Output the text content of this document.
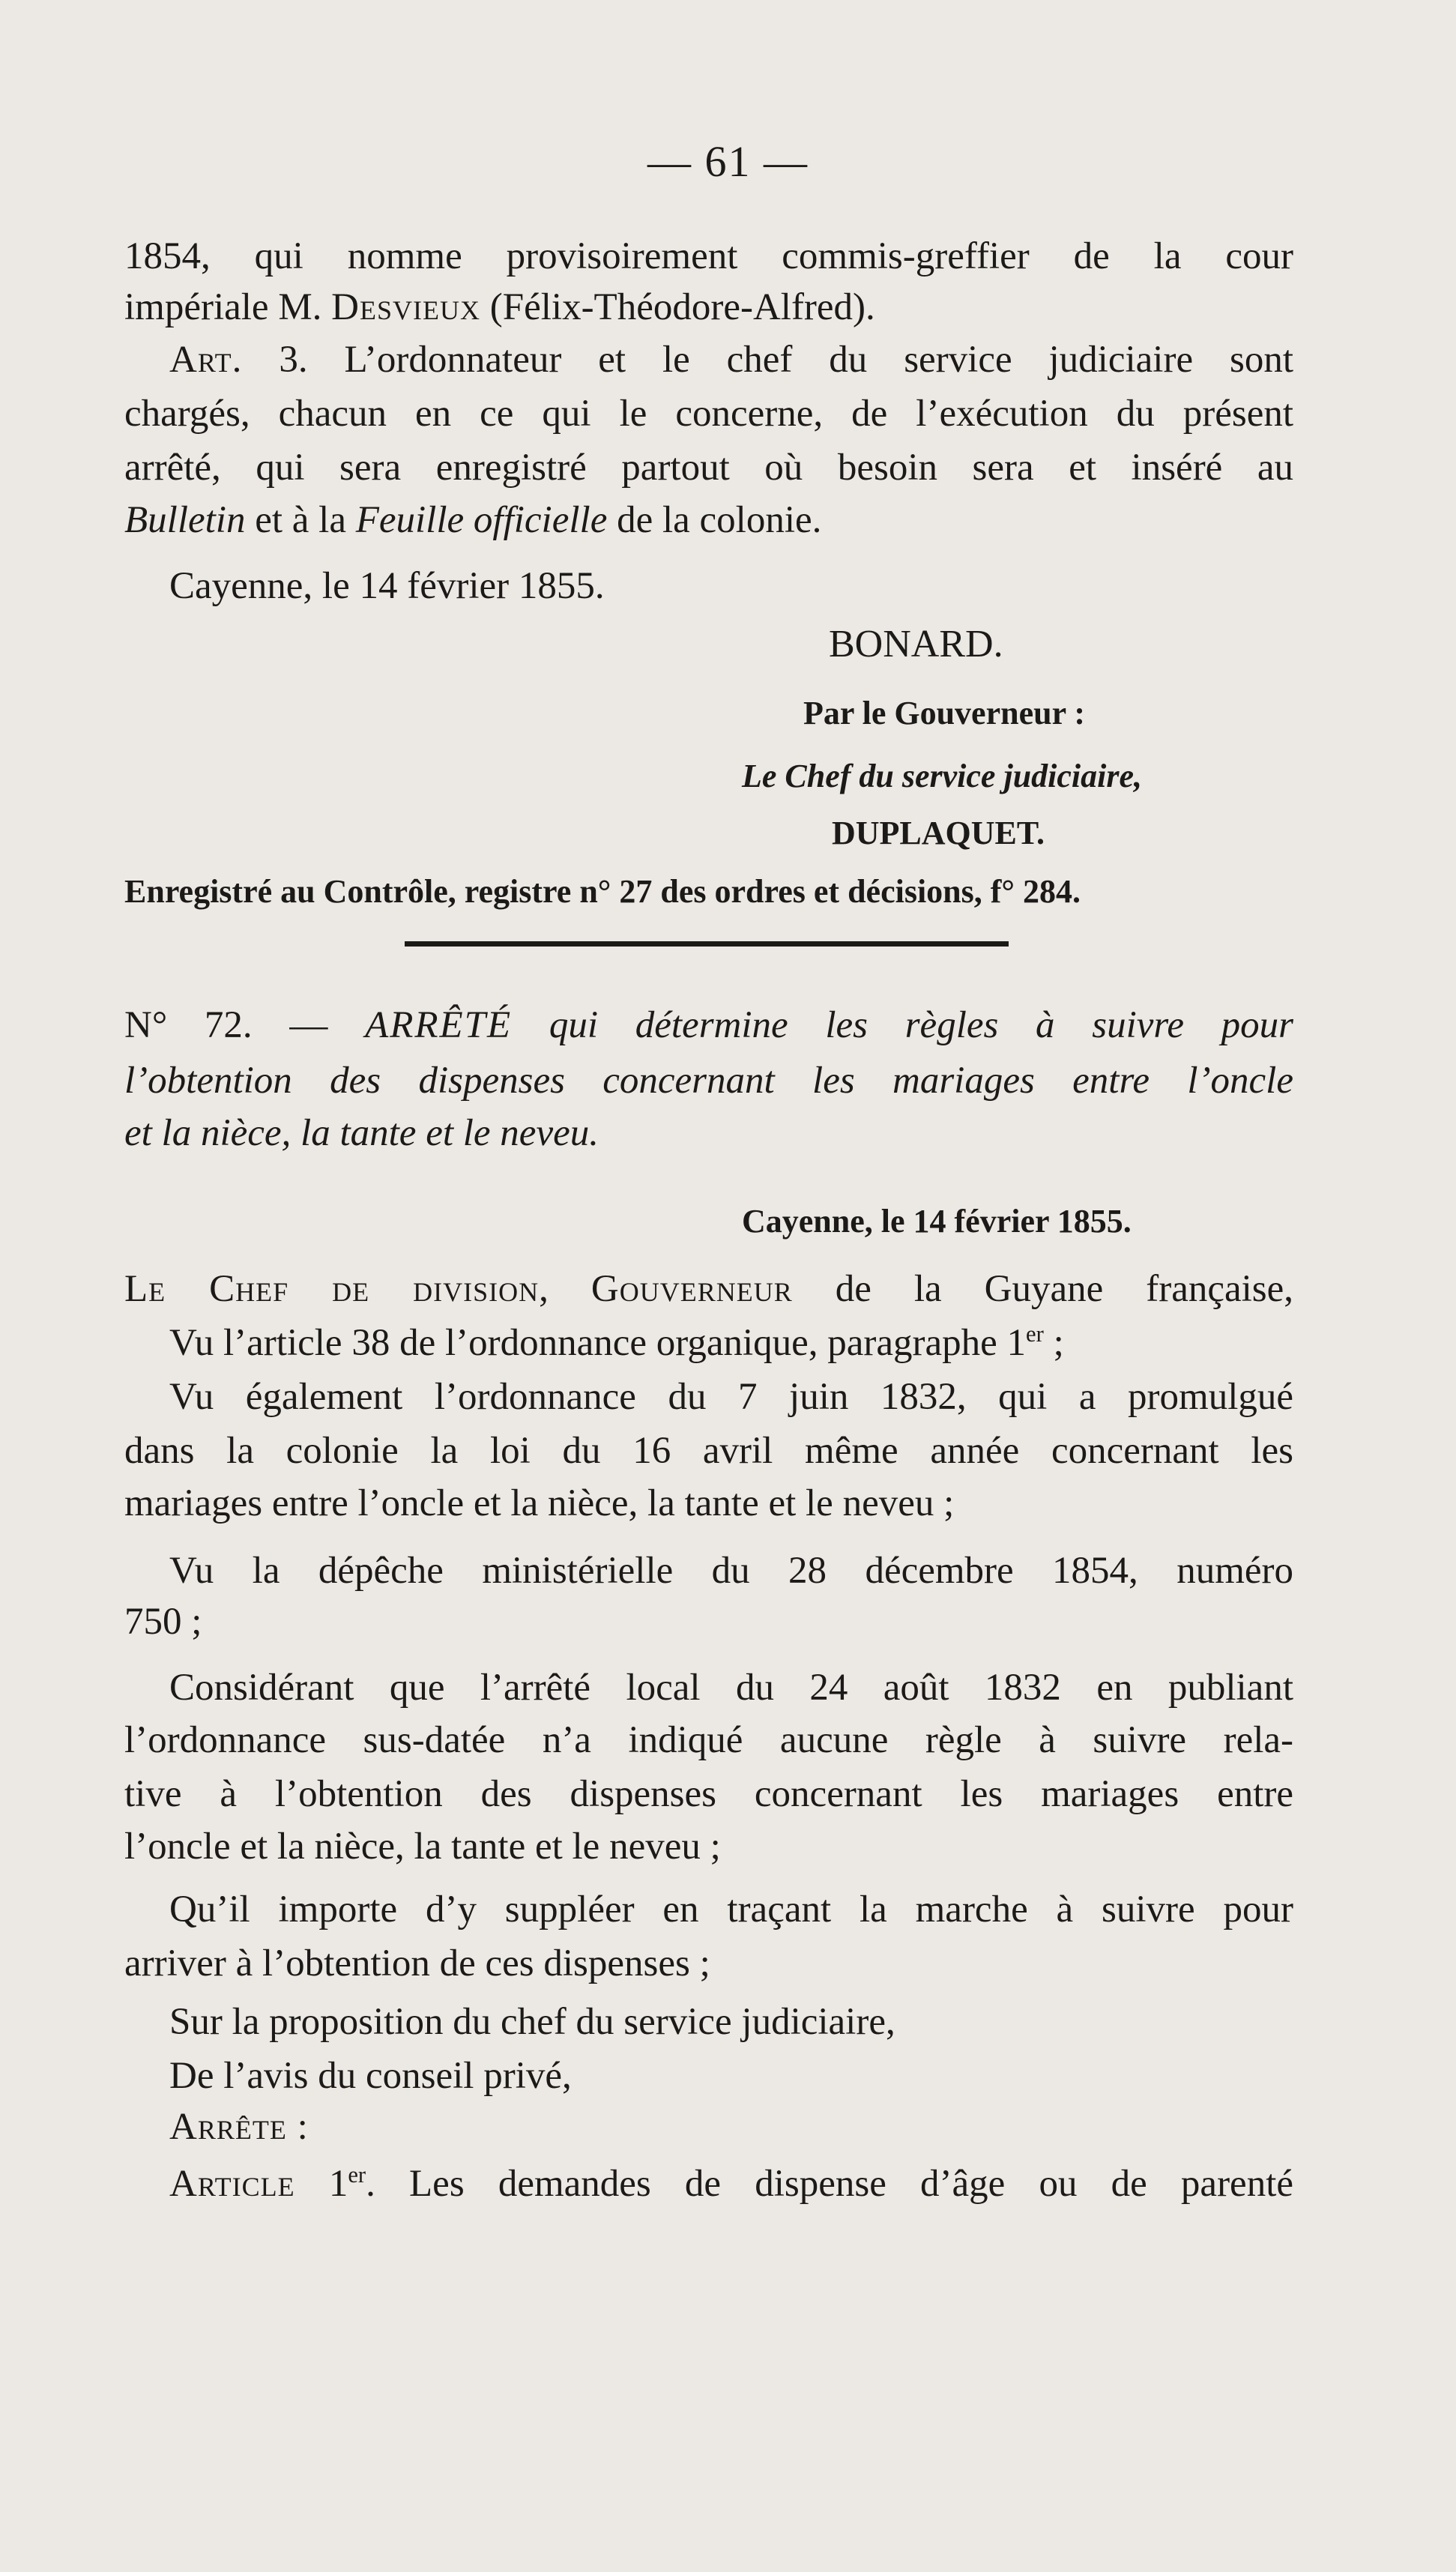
— 61 —
1854, qui nomme provisoirement commis-greffier de la cour
impériale M. Desvieux (Félix-Théodore-Alfred).
Art. 3. L’ordonnateur et le chef du service judiciaire sont
chargés, chacun en ce qui le concerne, de l’exécution du présent
arrêté, qui sera enregistré partout où besoin sera et inséré au
Bulletin et à la Feuille officielle de la colonie.
Cayenne, le 14 février 1855.
BONARD.
Par le Gouverneur :
Le Chef du service judiciaire,
DUPLAQUET.
Enregistré au Contrôle, registre n° 27 des ordres et décisions, f° 284.
N° 72. — ARRÊTÉ qui détermine les règles à suivre pour
l’obtention des dispenses concernant les mariages entre l’oncle
et la nièce, la tante et le neveu.
Cayenne, le 14 février 1855.
Le Chef de division, Gouverneur de la Guyane française,
Vu l’article 38 de l’ordonnance organique, paragraphe 1er ;
Vu également l’ordonnance du 7 juin 1832, qui a promulgué
dans la colonie la loi du 16 avril même année concernant les
mariages entre l’oncle et la nièce, la tante et le neveu ;
Vu la dépêche ministérielle du 28 décembre 1854, numéro
750 ;
Considérant que l’arrêté local du 24 août 1832 en publiant
l’ordonnance sus-datée n’a indiqué aucune règle à suivre rela-
tive à l’obtention des dispenses concernant les mariages entre
l’oncle et la nièce, la tante et le neveu ;
Qu’il importe d’y suppléer en traçant la marche à suivre pour
arriver à l’obtention de ces dispenses ;
Sur la proposition du chef du service judiciaire,
De l’avis du conseil privé,
Arrête :
Article 1er. Les demandes de dispense d’âge ou de parenté
